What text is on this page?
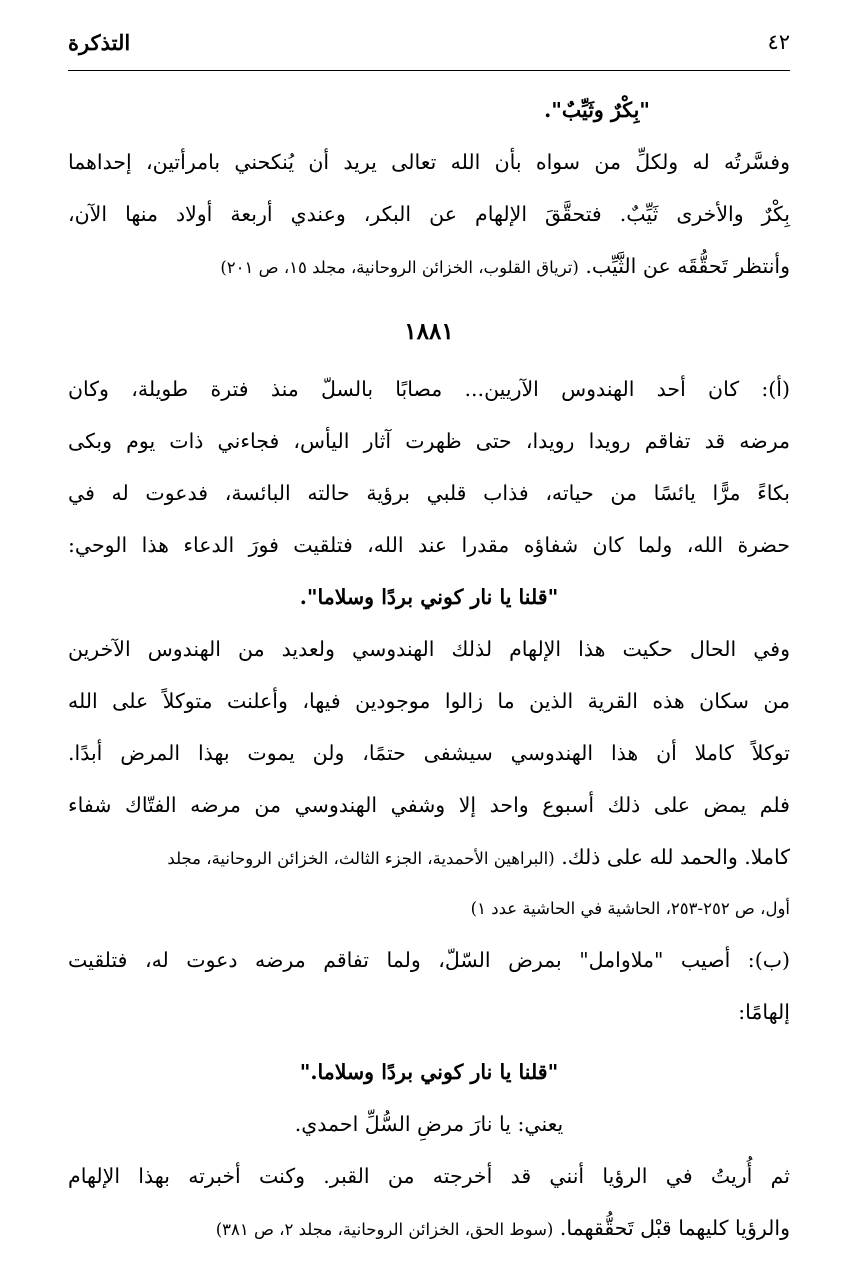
التذكرة	٤٢

"بِكْرٌ وثَيِّبٌ".

وفسَّرتُه له ولكلِّ من سواه بأن الله تعالى يريد أن يُنكحني بامرأتين، إحداهما

بِكْرٌ والأخرى ثَيِّبٌ. فتحقَّقَ الإلهام عن البكر، وعندي أربعة أولاد منها الآن،

وأنتظر تَحقُّقَه عن الثَّيِّب. (ترياق القلوب، الخزائن الروحانية، مجلد ١٥، ص ٢٠١)

١٨٨١

(أ): كان أحد الهندوس الآريين... مصابًا بالسلّ منذ فترة طويلة، وكان

مرضه قد تفاقم رويدا رويدا، حتى ظهرت آثار اليأس، فجاءني ذات يوم وبكى

بكاءً مرًّا يائسًا من حياته، فذاب قلبي برؤية حالته البائسة، فدعوت له في

حضرة الله، ولما كان شفاؤه مقدرا عند الله، فتلقيت فورَ الدعاء هذا الوحي:

"قلنا يا نار كوني بردًا وسلاما".

وفي الحال حكيت هذا الإلهام لذلك الهندوسي ولعديد من الهندوس الآخرين

من سكان هذه القرية الذين ما زالوا موجودين فيها، وأعلنت متوكلاً على الله

توكلاً كاملا أن هذا الهندوسي سيشفى حتمًا، ولن يموت بهذا المرض أبدًا.

فلم يمض على ذلك أسبوع واحد إلا وشفي الهندوسي من مرضه الفتّاك شفاء

كاملا. والحمد لله على ذلك. (البراهين الأحمدية، الجزء الثالث، الخزائن الروحانية، مجلد

أول، ص ٢٥٢-٢٥٣، الحاشية في الحاشية عدد ١)

(ب): أصيب "ملاوامل" بمرض السّلّ، ولما تفاقم مرضه دعوت له، فتلقيت

إلهامًا:

"قلنا يا نار كوني بردًا وسلاما."

يعني: يا نارَ مرضِ السُّلِّ احمدي.

ثم أُريتُ في الرؤيا أنني قد أخرجته من القبر. وكنت أخبرته بهذا الإلهام

والرؤيا كليهما قبْل تَحقُّقهما. (سوط الحق، الخزائن الروحانية، مجلد ٢، ص ٣٨١)
